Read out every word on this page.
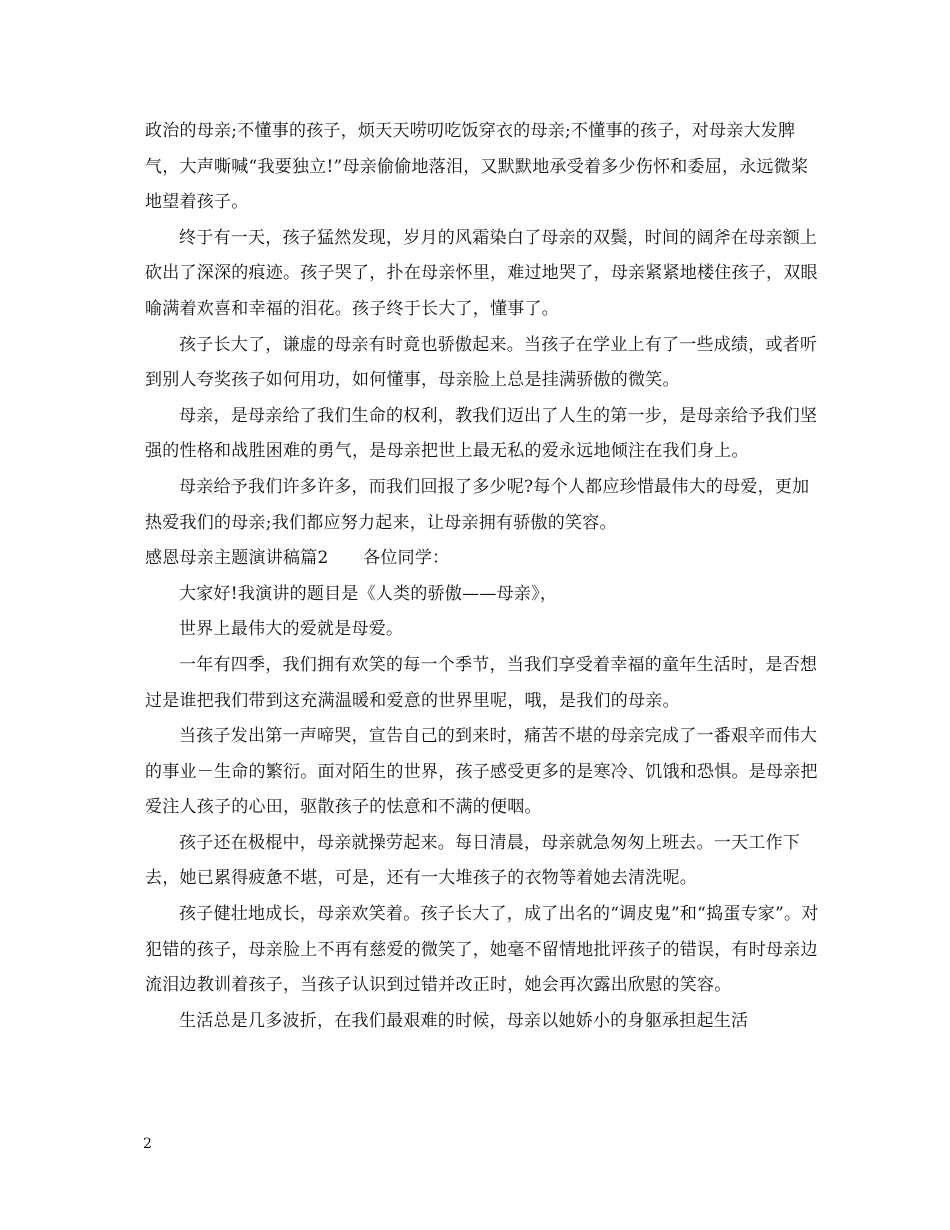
政治的母亲;不懂事的孩子，烦天天唠叨吃饭穿衣的母亲;不懂事的孩子，对母亲大发脾气，大声嘶喊“我要独立!”母亲偷偷地落泪，又默默地承受着多少伤怀和委屈，永远微桨地望着孩子。

终于有一天，孩子猛然发现，岁月的风霜染白了母亲的双鬓，时间的阔斧在母亲额上砍出了深深的痕迹。孩子哭了，扑在母亲怀里，难过地哭了，母亲紧紧地楼住孩子，双眼喻满着欢喜和幸福的泪花。孩子终于长大了，懂事了。

孩子长大了，谦虚的母亲有时竟也骄傲起来。当孩子在学业上有了一些成绩，或者听到别人夸奖孩子如何用功，如何懂事，母亲脸上总是挂满骄傲的微笑。

母亲，是母亲给了我们生命的权利，教我们迈出了人生的第一步，是母亲给予我们坚强的性格和战胜困难的勇气，是母亲把世上最无私的爱永远地倾注在我们身上。

母亲给予我们许多许多，而我们回报了多少呢?每个人都应珍惜最伟大的母爱，更加热爱我们的母亲;我们都应努力起来，让母亲拥有骄傲的笑容。

感恩母亲主题演讲稿篇2　　各位同学：

大家好!我演讲的题目是《人类的骄傲——母亲》，

世界上最伟大的爱就是母爱。

一年有四季，我们拥有欢笑的每一个季节，当我们享受着幸福的童年生活时，是否想过是谁把我们带到这充满温暖和爱意的世界里呢，哦，是我们的母亲。

当孩子发出第一声啼哭，宣告自己的到来时，痛苦不堪的母亲完成了一番艰辛而伟大的事业－生命的繁衍。面对陌生的世界，孩子感受更多的是寒冷、饥饿和恐惧。是母亲把爱注人孩子的心田，驱散孩子的怯意和不满的便咽。

孩子还在极棍中，母亲就操劳起来。每日清晨，母亲就急匆匆上班去。一天工作下去，她已累得疲惫不堪，可是，还有一大堆孩子的衣物等着她去清洗呢。

孩子健壮地成长，母亲欢笑着。孩子长大了，成了出名的“调皮鬼”和“捣蛋专家”。对犯错的孩子，母亲脸上不再有慈爱的微笑了，她毫不留情地批评孩子的错误，有时母亲边流泪边教训着孩子，当孩子认识到过错并改正时，她会再次露出欣慰的笑容。

生活总是几多波折，在我们最艰难的时候，母亲以她娇小的身躯承担起生活

2
